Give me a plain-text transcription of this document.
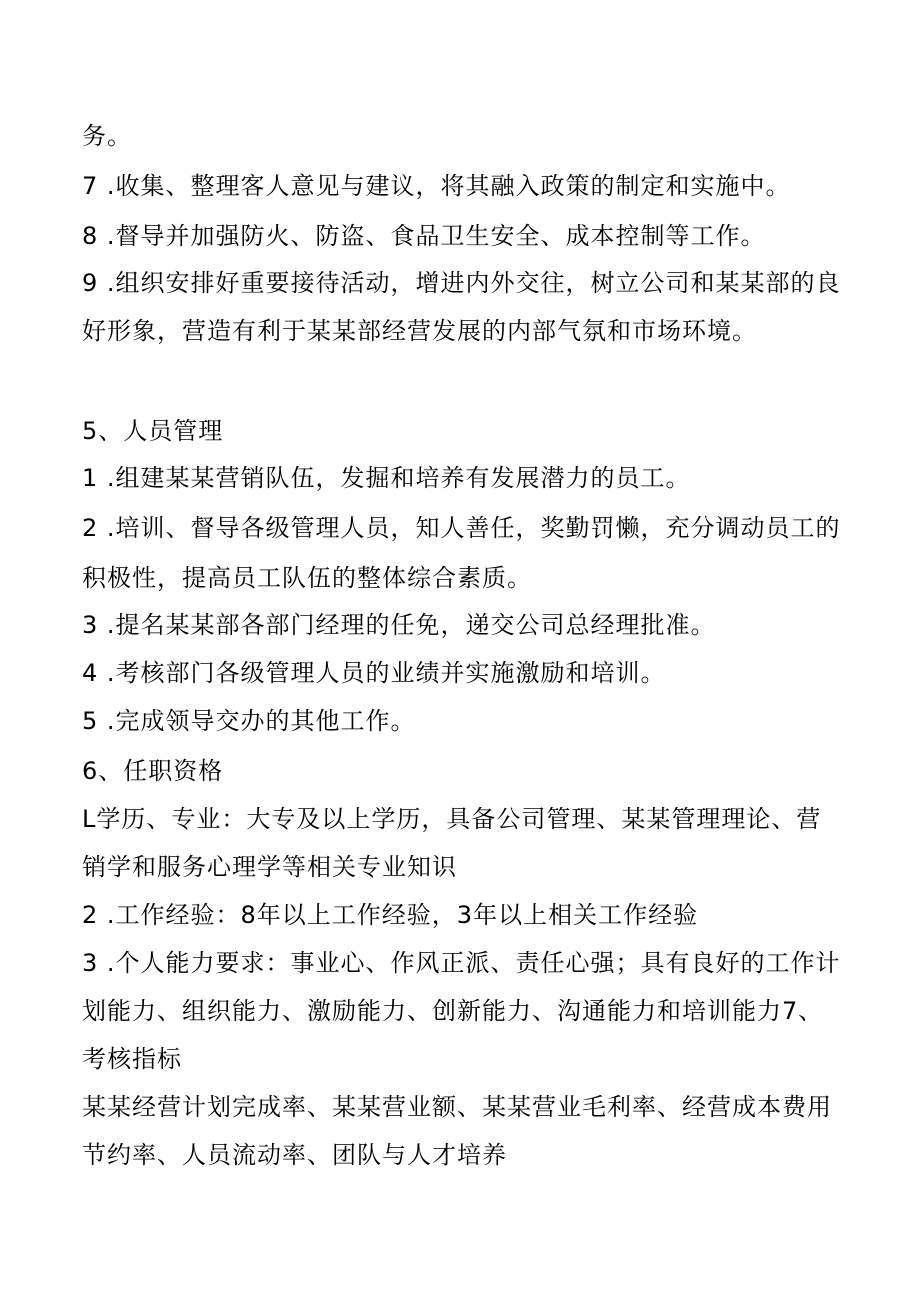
务。
7 .收集、整理客人意见与建议，将其融入政策的制定和实施中。
8 .督导并加强防火、防盗、食品卫生安全、成本控制等工作。
9 .组织安排好重要接待活动，增进内外交往，树立公司和某某部的良
好形象，营造有利于某某部经营发展的内部气氛和市场环境。
5、人员管理
1 .组建某某营销队伍，发掘和培养有发展潜力的员工。
2 .培训、督导各级管理人员，知人善任，奖勤罚懒，充分调动员工的
积极性，提高员工队伍的整体综合素质。
3 .提名某某部各部门经理的任免，递交公司总经理批准。
4 .考核部门各级管理人员的业绩并实施激励和培训。
5 .完成领导交办的其他工作。
6、任职资格
L学历、专业：大专及以上学历，具备公司管理、某某管理理论、营
销学和服务心理学等相关专业知识
2 .工作经验：8年以上工作经验，3年以上相关工作经验
3 .个人能力要求：事业心、作风正派、责任心强；具有良好的工作计
划能力、组织能力、激励能力、创新能力、沟通能力和培训能力7、
考核指标
某某经营计划完成率、某某营业额、某某营业毛利率、经营成本费用
节约率、人员流动率、团队与人才培养
